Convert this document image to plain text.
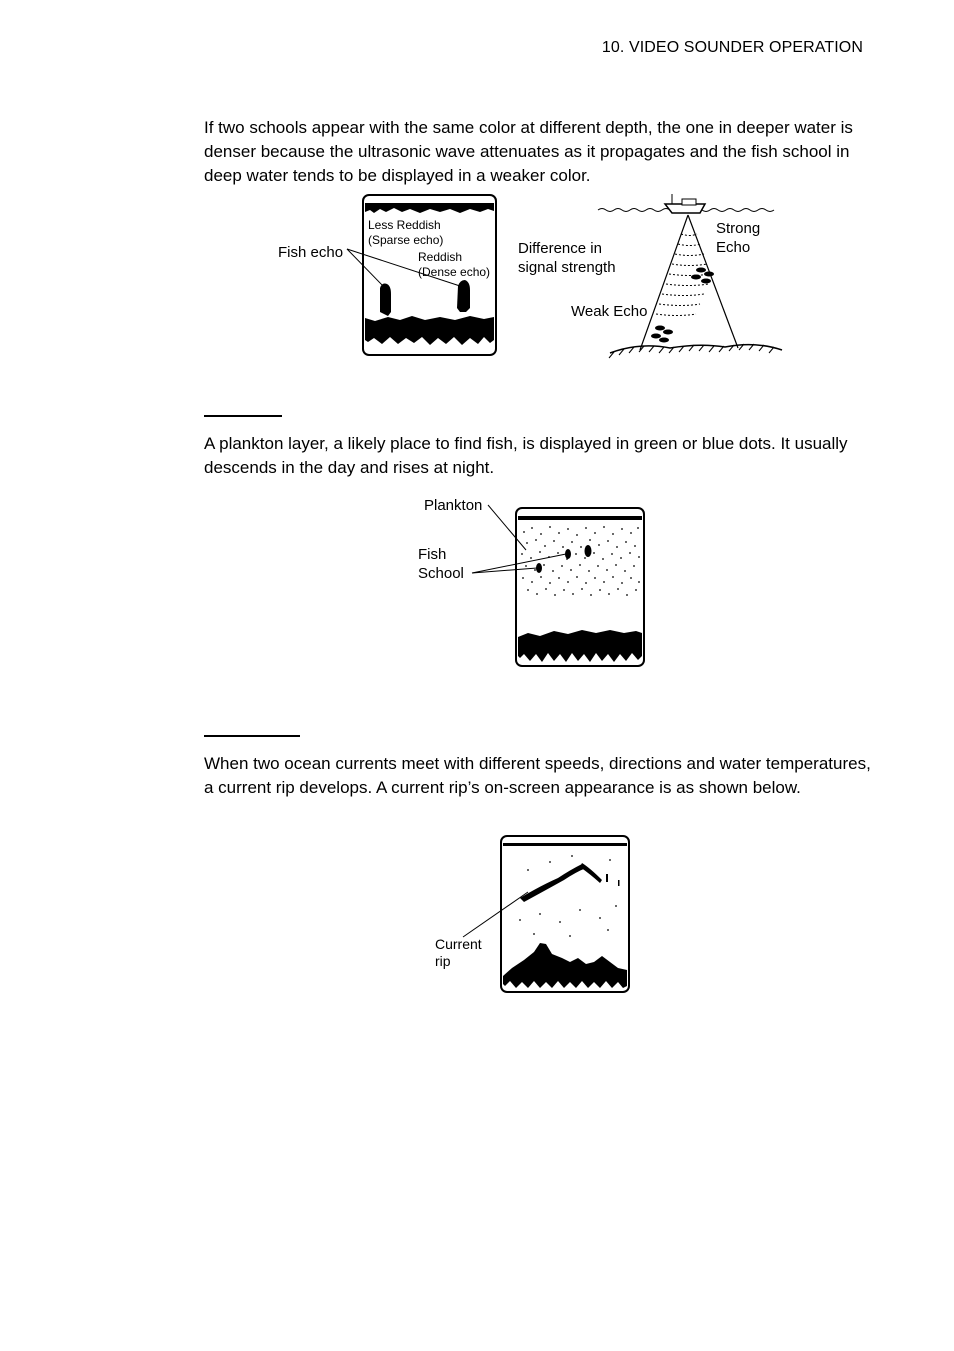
10. VIDEO SOUNDER OPERATION

If two schools appear with the same color at different depth, the one in deeper water is denser because the ultrasonic wave attenuates as it propagates and the fish school in deep water tends to be displayed in a weaker color.

Less Reddish
(Sparse echo)
Reddish
(Dense echo)
Fish echo	Difference in
signal strength
Strong
Echo
Weak Echo

A plankton layer, a likely place to find fish, is displayed in green or blue dots. It usually descends in the day and rises at night.

Plankton
Fish
School

When two ocean currents meet with different speeds, directions and water temperatures, a current rip develops. A current rip’s on-screen appearance is as shown below.

Current
rip
